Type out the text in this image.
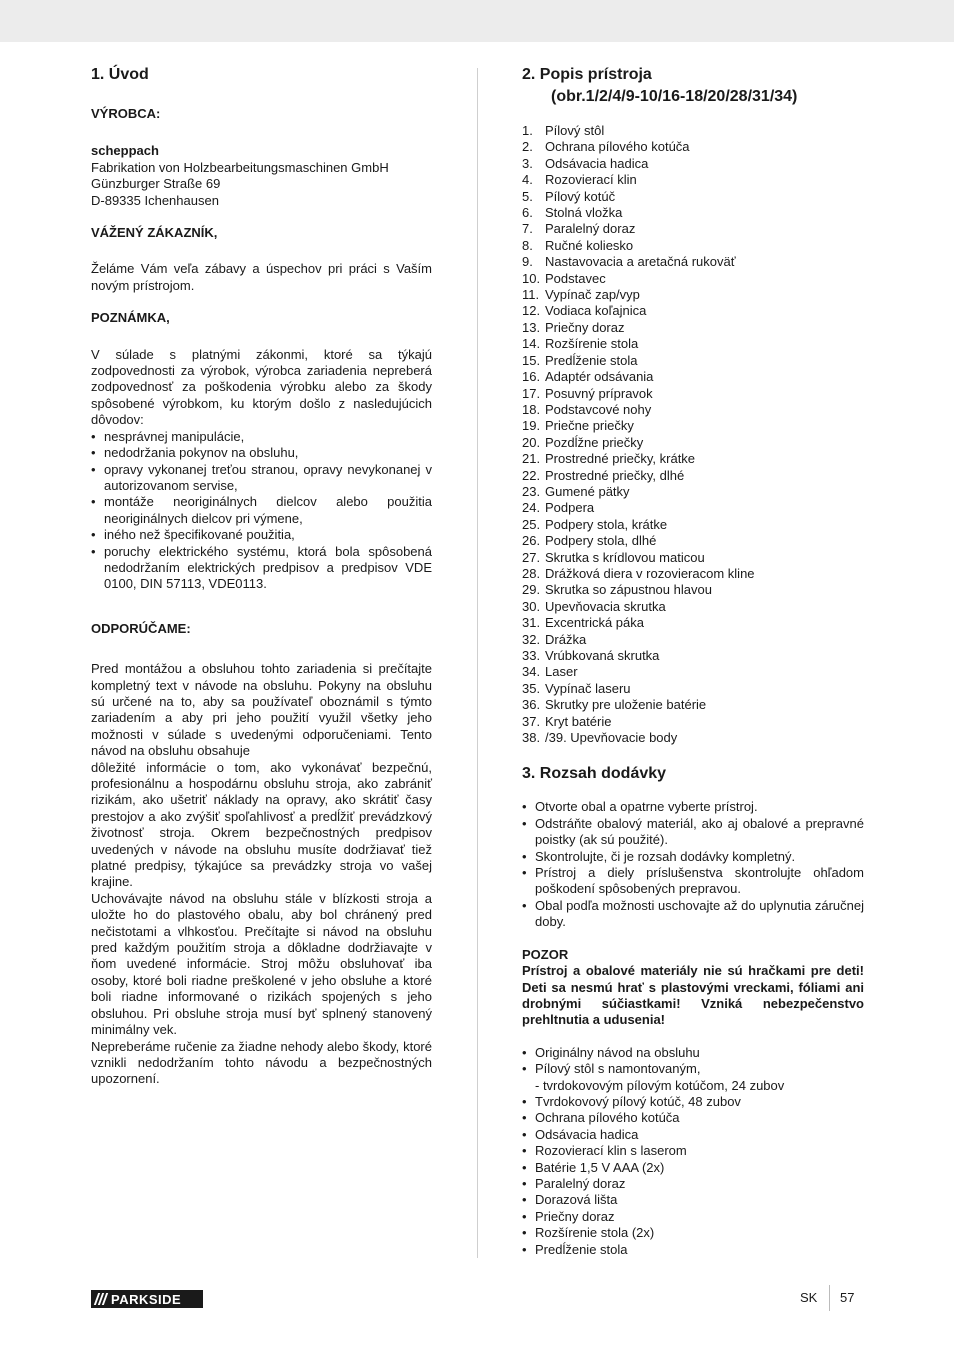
1. Úvod
VÝROBCA:
scheppach
Fabrikation von Holzbearbeitungsmaschinen GmbH
Günzburger Straße 69
D-89335 Ichenhausen
VÁŽENÝ ZÁKAZNÍK,
Želáme Vám veľa zábavy a úspechov pri práci s Vaším novým prístrojom.
POZNÁMKA,
V súlade s platnými zákonmi, ktoré sa týkajú zodpovednosti za výrobok, výrobca zariadenia nepreberá zodpovednosť za poškodenia výrobku alebo za škody spôsobené výrobkom, ku ktorým došlo z nasledujúcich dôvodov:
• nesprávnej manipulácie,
• nedodržania pokynov na obsluhu,
• opravy vykonanej treťou stranou, opravy nevykonanej v autorizovanom servise,
• montáže neoriginálnych dielcov alebo použitia neoriginálnych dielcov pri výmene,
• iného než špecifikované použitia,
• poruchy elektrického systému, ktorá bola spôsobená nedodržaním elektrických predpisov a predpisov VDE 0100, DIN 57113, VDE0113.
ODPORÚČAME:
Pred montážou a obsluhou tohto zariadenia si prečítajte kompletný text v návode na obsluhu. Pokyny na obsluhu sú určené na to, aby sa používateľ oboznámil s týmto zariadením a aby pri jeho použití využil všetky jeho možnosti v súlade s uvedenými odporučeniami. Tento návod na obsluhu obsahuje
dôležité informácie o tom, ako vykonávať bezpečnú, profesionálnu a hospodárnu obsluhu stroja, ako zabrániť rizikám, ako ušetriť náklady na opravy, ako skrátiť časy prestojov a ako zvýšiť spoľahlivosť a predĺžiť prevádzkový životnosť stroja. Okrem bezpečnostných predpisov uvedených v návode na obsluhu musíte dodržiavať tiež platné predpisy, týkajúce sa prevádzky stroja vo vašej krajine.
Uchovávajte návod na obsluhu stále v blízkosti stroja a uložte ho do plastového obalu, aby bol chránený pred nečistotami a vlhkosťou. Prečítajte si návod na obsluhu pred každým použitím stroja a dôkladne dodržiavajte v ňom uvedené informácie. Stroj môžu obsluhovať iba osoby, ktoré boli riadne preškolené v jeho obsluhe a ktoré boli riadne informované o rizikách spojených s jeho obsluhou. Pri obsluhe stroja musí byť splnený stanovený minimálny vek.
Nepreberáme ručenie za žiadne nehody alebo škody, ktoré vznikli nedodržaním tohto návodu a bezpečnostných upozornení.
2. Popis prístroja
(obr.1/2/4/9-10/16-18/20/28/31/34)
1. Pílový stôl
2. Ochrana pílového kotúča
3. Odsávacia hadica
4. Rozovierací klin
5. Pílový kotúč
6. Stolná vložka
7. Paralelný doraz
8. Ručné koliesko
9. Nastavovacia a aretačná rukoväť
10. Podstavec
11. Vypínač zap/vyp
12. Vodiaca koľajnica
13. Priečny doraz
14. Rozšírenie stola
15. Predĺženie stola
16. Adaptér odsávania
17. Posuvný prípravok
18. Podstavcové nohy
19. Priečne priečky
20. Pozdĺžne priečky
21. Prostredné priečky, krátke
22. Prostredné priečky, dlhé
23. Gumené pätky
24. Podpera
25. Podpery stola, krátke
26. Podpery stola, dlhé
27. Skrutka s krídlovou maticou
28. Drážková diera v rozovieracom kline
29. Skrutka so zápustnou hlavou
30. Upevňovacia skrutka
31. Excentrická páka
32. Drážka
33. Vrúbkovaná skrutka
34. Laser
35. Vypínač laseru
36. Skrutky pre uloženie batérie
37. Kryt batérie
38. /39. Upevňovacie body
3. Rozsah dodávky
• Otvorte obal a opatrne vyberte prístroj.
• Odstráňte obalový materiál, ako aj obalové a prepravné poistky (ak sú použité).
• Skontrolujte, či je rozsah dodávky kompletný.
• Prístroj a diely príslušenstva skontrolujte ohľadom poškodení spôsobených prepravou.
• Obal podľa možnosti uschovajte až do uplynutia záručnej doby.
POZOR
Prístroj a obalové materiály nie sú hračkami pre deti! Deti sa nesmú hrať s plastovými vreckami, fóliami ani drobnými súčiastkami! Vzniká nebezpečenstvo prehltnutia a udusenia!
• Originálny návod na obsluhu
• Pílový stôl s namontovaným,
- tvrdokovovým pílovým kotúčom, 24 zubov
• Tvrdokovový pílový kotúč, 48 zubov
• Ochrana pílového kotúča
• Odsávacia hadica
• Rozovierací klin s laserom
• Batérie 1,5 V AAA (2x)
• Paralelný doraz
• Dorazová lišta
• Priečny doraz
• Rozšírenie stola (2x)
• Predĺženie stola
PARKSIDE	SK 57
